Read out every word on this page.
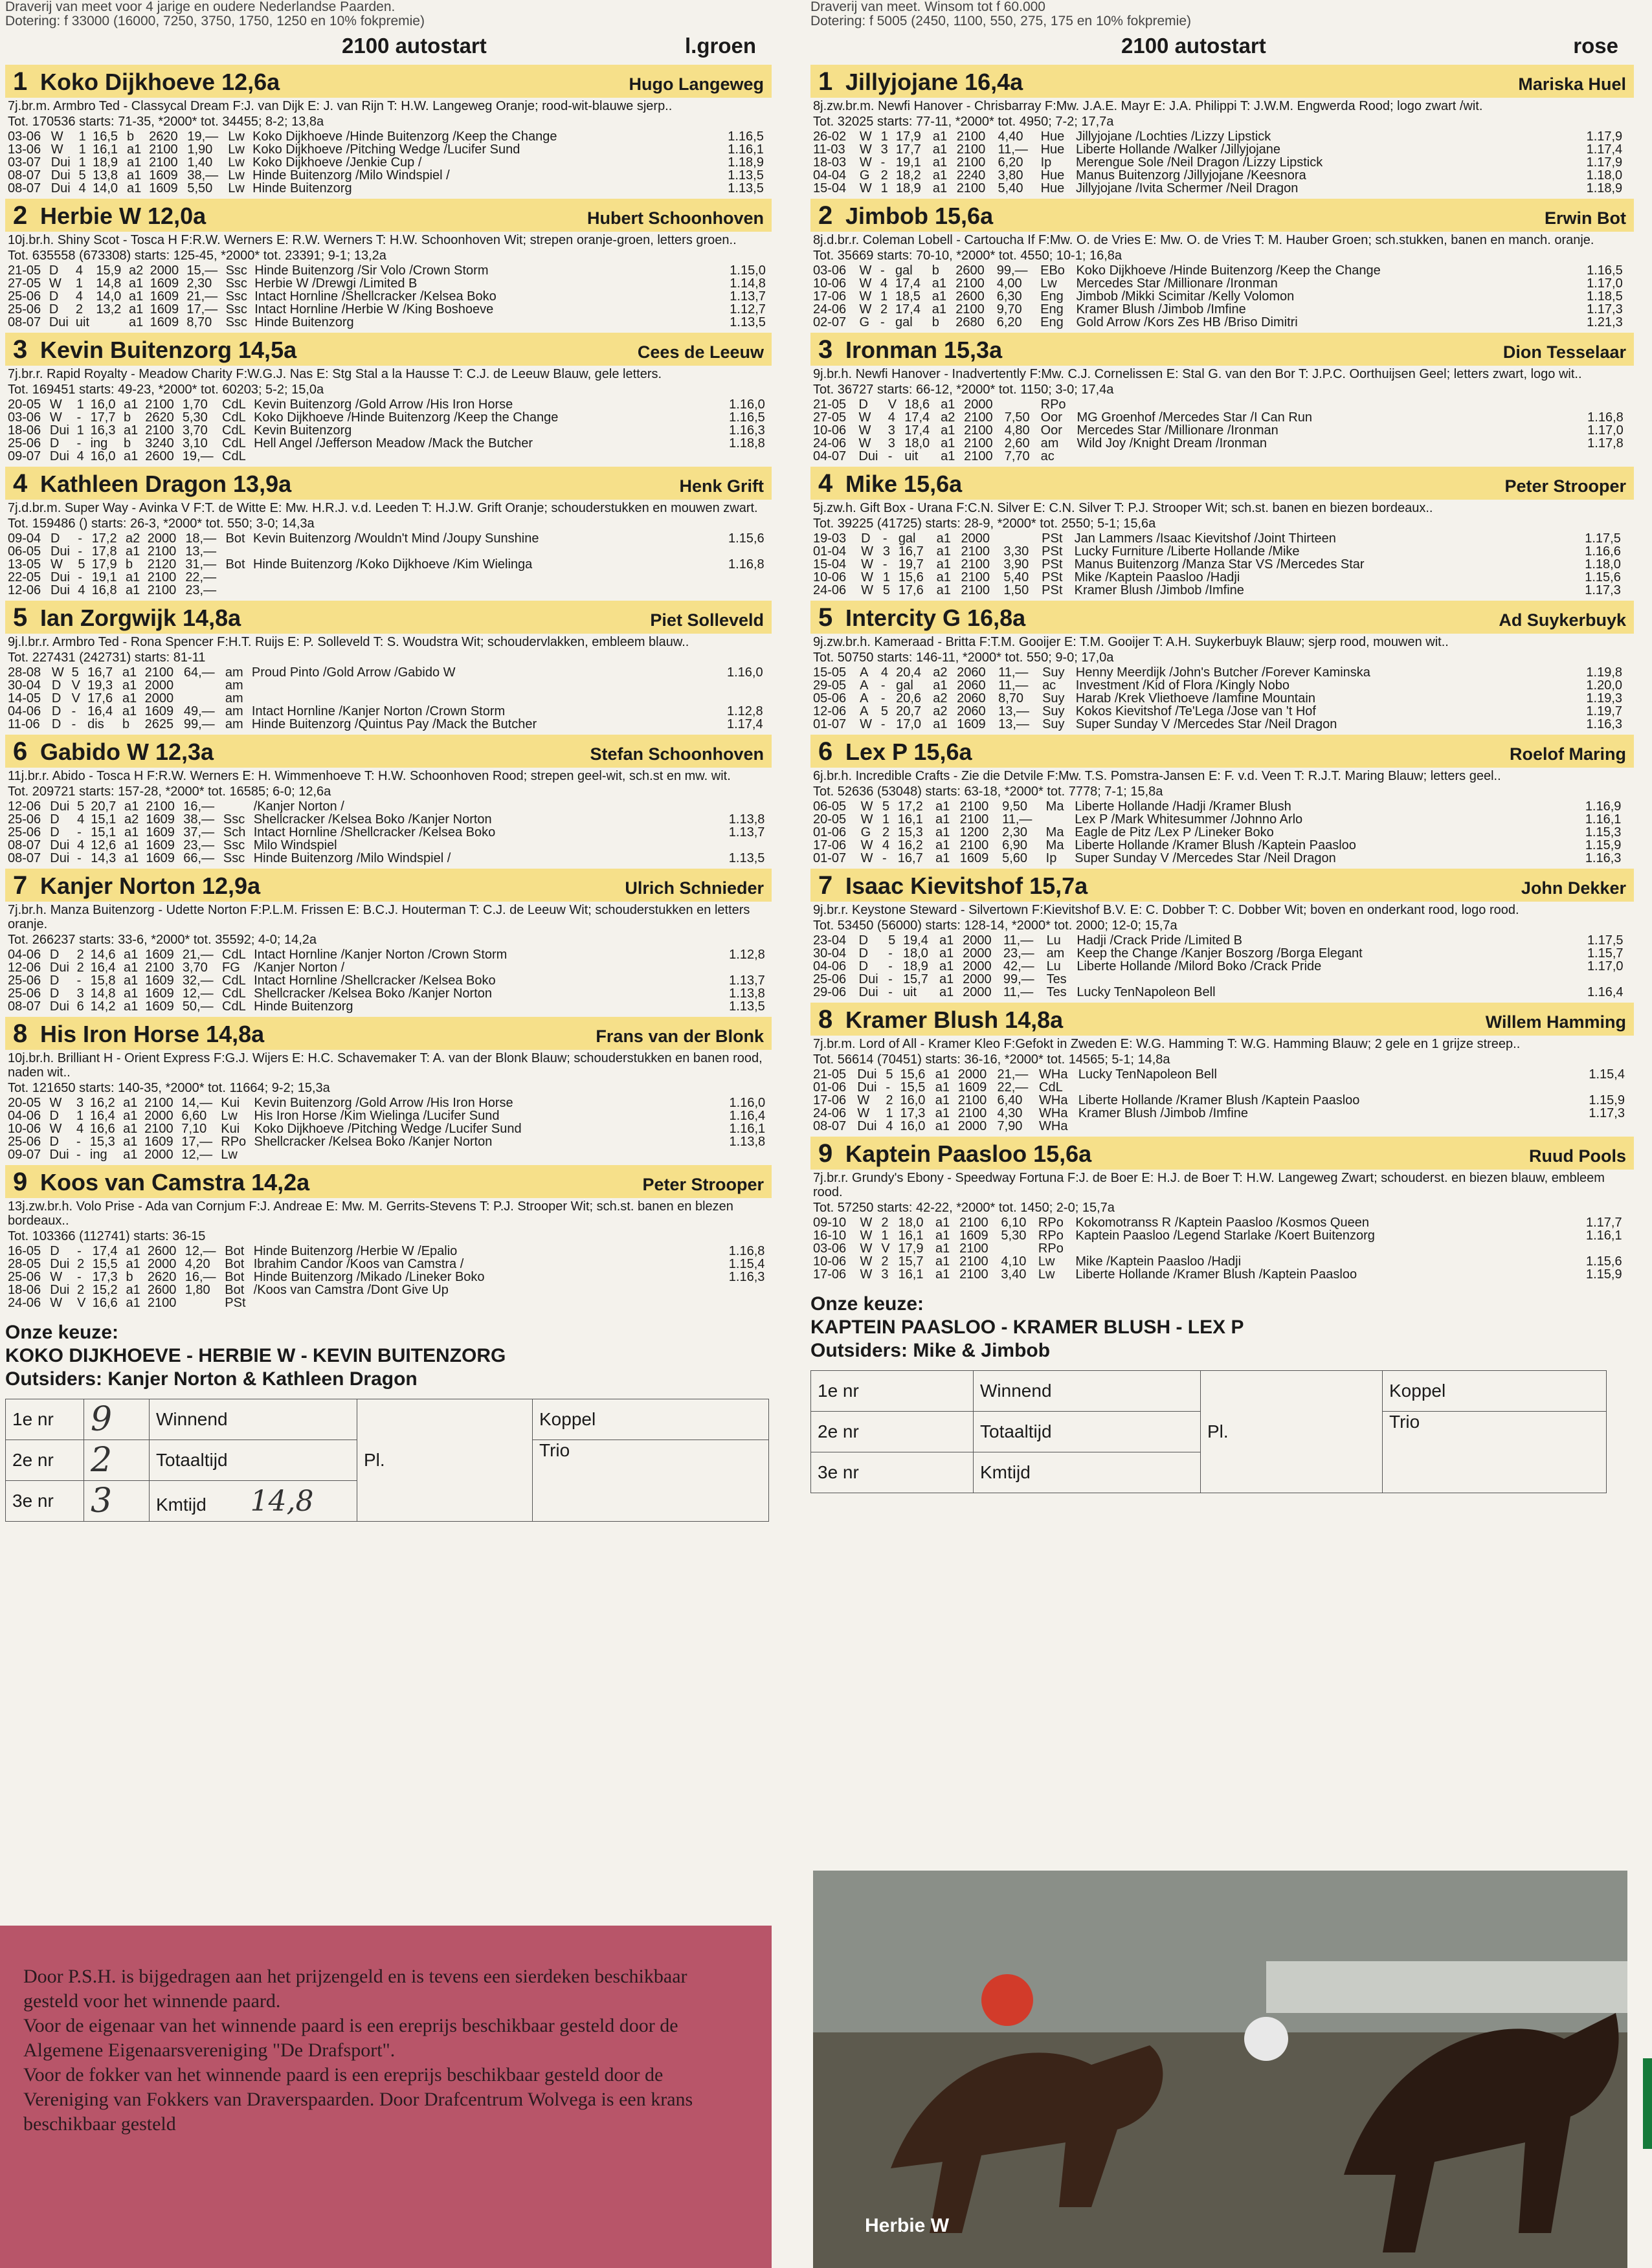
Draverij van meet voor 4 jarige en oudere Nederlandse Paarden.
Dotering: f 33000 (16000, 7250, 3750, 1750, 1250 en 10% fokpremie)
2100 autostart	l.groen
1 Koko Dijkhoeve 12,6a	Hugo Langeweg
7j.br.m. Armbro Ted - Classycal Dream F:J. van Dijk E: J. van Rijn T: H.W. Langeweg Oranje; rood-wit-blauwe sjerp..
Tot. 170536 starts: 71-35, *2000* tot. 34455; 8-2; 13,8a
03-06	W	1	16,5	b	2620	19,—	Lw	Koko Dijkhoeve /Hinde Buitenzorg /Keep the Change	1.16,5
13-06	W	1	16,1	a1	2100	1,90	Lw	Koko Dijkhoeve /Pitching Wedge /Lucifer Sund	1.16,1
03-07	Dui	1	18,9	a1	2100	1,40	Lw	Koko Dijkhoeve /Jenkie Cup /	1.18,9
08-07	Dui	5	13,8	a1	1609	38,—	Lw	Hinde Buitenzorg /Milo Windspiel /	1.13,5
08-07	Dui	4	14,0	a1	1609	5,50	Lw	Hinde Buitenzorg	1.13,5
2 Herbie W 12,0a	Hubert Schoonhoven
10j.br.h. Shiny Scot - Tosca H F:R.W. Werners E: R.W. Werners T: H.W. Schoonhoven Wit; strepen oranje-groen, letters groen..
Tot. 635558 (673308) starts: 125-45, *2000* tot. 23391; 9-1; 13,2a
21-05	D	4	15,9	a2	2000	15,—	Ssc	Hinde Buitenzorg /Sir Volo /Crown Storm	1.15,0
27-05	W	1	14,8	a1	1609	2,30	Ssc	Herbie W /Drewgi /Limited B	1.14,8
25-06	D	4	14,0	a1	1609	21,—	Ssc	Intact Hornline /Shellcracker /Kelsea Boko	1.13,7
25-06	D	2	13,2	a1	1609	17,—	Ssc	Intact Hornline /Herbie W /King Boshoeve	1.12,7
08-07	Dui	uit		a1	1609	8,70	Ssc	Hinde Buitenzorg	1.13,5
3 Kevin Buitenzorg 14,5a	Cees de Leeuw
7j.br.r. Rapid Royalty - Meadow Charity F:W.G.J. Nas E: Stg Stal a la Hausse T: C.J. de Leeuw Blauw, gele letters.
Tot. 169451 starts: 49-23, *2000* tot. 60203; 5-2; 15,0a
20-05	W	1	16,0	a1	2100	1,70	CdL	Kevin Buitenzorg /Gold Arrow /His Iron Horse	1.16,0
03-06	W	-	17,7	b	2620	5,30	CdL	Koko Dijkhoeve /Hinde Buitenzorg /Keep the Change	1.16,5
18-06	Dui	1	16,3	a1	2100	3,70	CdL	Kevin Buitenzorg	1.16,3
25-06	D	-	ing	b	3240	3,10	CdL	Hell Angel /Jefferson Meadow /Mack the Butcher	1.18,8
09-07	Dui	4	16,0	a1	2600	19,—	CdL		
4 Kathleen Dragon 13,9a	Henk Grift
7j.d.br.m. Super Way - Avinka V F:T. de Witte E: Mw. H.R.J. v.d. Leeden T: H.J.W. Grift Oranje; schouderstukken en mouwen zwart.
Tot. 159486 () starts: 26-3, *2000* tot. 550; 3-0; 14,3a
09-04	D	-	17,2	a2	2000	18,—	Bot	Kevin Buitenzorg /Wouldn't Mind /Joupy Sunshine	1.15,6
06-05	Dui	-	17,8	a1	2100	13,—			
13-05	W	5	17,9	b	2120	31,—	Bot	Hinde Buitenzorg /Koko Dijkhoeve /Kim Wielinga	1.16,8
22-05	Dui	-	19,1	a1	2100	22,—			
12-06	Dui	4	16,8	a1	2100	23,—			
5 Ian Zorgwijk 14,8a	Piet Solleveld
9j.l.br.r. Armbro Ted - Rona Spencer F:H.T. Ruijs E: P. Solleveld T: S. Woudstra Wit; schoudervlakken, embleem blauw..
Tot. 227431 (242731) starts: 81-11
28-08	W	5	16,7	a1	2100	64,—	am	Proud Pinto /Gold Arrow /Gabido W	1.16,0
30-04	D	V	19,3	a1	2000		am		
14-05	D	V	17,6	a1	2000		am		
04-06	D	-	16,4	a1	1609	49,—	am	Intact Hornline /Kanjer Norton /Crown Storm	1.12,8
11-06	D	-	dis	b	2625	99,—	am	Hinde Buitenzorg /Quintus Pay /Mack the Butcher	1.17,4
6 Gabido W 12,3a	Stefan Schoonhoven
11j.br.r. Abido - Tosca H F:R.W. Werners E: H. Wimmenhoeve T: H.W. Schoonhoven Rood; strepen geel-wit, sch.st en mw. wit.
Tot. 209721 starts: 157-28, *2000* tot. 16585; 6-0; 12,6a
12-06	Dui	5	20,7	a1	2100	16,—		/Kanjer Norton /	
25-06	D	4	15,1	a2	1609	38,—	Ssc	Shellcracker /Kelsea Boko /Kanjer Norton	1.13,8
25-06	D	-	15,1	a1	1609	37,—	Sch	Intact Hornline /Shellcracker /Kelsea Boko	1.13,7
08-07	Dui	4	12,6	a1	1609	23,—	Ssc	Milo Windspiel	
08-07	Dui	-	14,3	a1	1609	66,—	Ssc	Hinde Buitenzorg /Milo Windspiel /	1.13,5
7 Kanjer Norton 12,9a	Ulrich Schnieder
7j.br.h. Manza Buitenzorg - Udette Norton F:P.L.M. Frissen E: B.C.J. Houterman T: C.J. de Leeuw Wit; schouderstukken en letters oranje.
Tot. 266237 starts: 33-6, *2000* tot. 35592; 4-0; 14,2a
04-06	D	2	14,6	a1	1609	21,—	CdL	Intact Hornline /Kanjer Norton /Crown Storm	1.12,8
12-06	Dui	2	16,4	a1	2100	3,70	FG	/Kanjer Norton /	
25-06	D	-	15,8	a1	1609	32,—	CdL	Intact Hornline /Shellcracker /Kelsea Boko	1.13,7
25-06	D	3	14,8	a1	1609	12,—	CdL	Shellcracker /Kelsea Boko /Kanjer Norton	1.13,8
08-07	Dui	6	14,2	a1	1609	50,—	CdL	Hinde Buitenzorg	1.13,5
8 His Iron Horse 14,8a	Frans van der Blonk
10j.br.h. Brilliant H - Orient Express F:G.J. Wijers E: H.C. Schavemaker T: A. van der Blonk Blauw; schouderstukken en banen rood, naden wit..
Tot. 121650 starts: 140-35, *2000* tot. 11664; 9-2; 15,3a
20-05	W	3	16,2	a1	2100	14,—	Kui	Kevin Buitenzorg /Gold Arrow /His Iron Horse	1.16,0
04-06	D	1	16,4	a1	2000	6,60	Lw	His Iron Horse /Kim Wielinga /Lucifer Sund	1.16,4
10-06	W	4	16,6	a1	2100	7,10	Kui	Koko Dijkhoeve /Pitching Wedge /Lucifer Sund	1.16,1
25-06	D	-	15,3	a1	1609	17,—	RPo	Shellcracker /Kelsea Boko /Kanjer Norton	1.13,8
09-07	Dui	-	ing	a1	2000	12,—	Lw		
9 Koos van Camstra 14,2a	Peter Strooper
13j.zw.br.h. Volo Prise - Ada van Cornjum F:J. Andreae E: Mw. M. Gerrits-Stevens T: P.J. Strooper Wit; sch.st. banen en blezen bordeaux..
Tot. 103366 (112741) starts: 36-15
16-05	D	-	17,4	a1	2600	12,—	Bot	Hinde Buitenzorg /Herbie W /Epalio	1.16,8
28-05	Dui	2	15,5	a1	2000	4,20	Bot	Ibrahim Candor /Koos van Camstra /	1.15,4
25-06	W	-	17,3	b	2620	16,—	Bot	Hinde Buitenzorg /Mikado /Lineker Boko	1.16,3
18-06	Dui	2	15,2	a1	2600	1,80	Bot	/Koos van Camstra /Dont Give Up	
24-06	W	V	16,6	a1	2100		PSt		
Onze keuze:
KOKO DIJKHOEVE - HERBIE W - KEVIN BUITENZORG
Outsiders: Kanjer Norton & Kathleen Dragon
1e nr	9	Winnend	Pl.	Koppel
2e nr	2	Totaaltijd		Trio
3e nr	3	Kmtijd 14,8		
Door P.S.H. is bijgedragen aan het prijzengeld en is tevens een sierdeken beschikbaar gesteld voor het winnende paard.
Voor de eigenaar van het winnende paard is een ereprijs beschikbaar gesteld door de Algemene Eigenaarsvereniging "De Drafsport".
Voor de fokker van het winnende paard is een ereprijs beschikbaar gesteld door de Vereniging van Fokkers van Draverspaarden. Door Drafcentrum Wolvega is een krans beschikbaar gesteld
Draverij van meet. Winsom tot f 60.000
Dotering: f 5005 (2450, 1100, 550, 275, 175 en 10% fokpremie)
2100 autostart	rose
1 Jillyjojane 16,4a	Mariska Huel
8j.zw.br.m. Newfi Hanover - Chrisbarray F:Mw. J.A.E. Mayr E: J.A. Philippi T: J.W.M. Engwerda Rood; logo zwart /wit.
Tot. 32025 starts: 77-11, *2000* tot. 4950; 7-2; 17,7a
26-02	W	1	17,9	a1	2100	4,40	Hue	Jillyjojane /Lochties /Lizzy Lipstick	1.17,9
11-03	W	3	17,7	a1	2100	11,—	Hue	Liberte Hollande /Walker /Jillyjojane	1.17,4
18-03	W	-	19,1	a1	2100	6,20	Ip	Merengue Sole /Neil Dragon /Lizzy Lipstick	1.17,9
04-04	G	2	18,2	a1	2240	3,80	Hue	Manus Buitenzorg /Jillyjojane /Keesnora	1.18,0
15-04	W	1	18,9	a1	2100	5,40	Hue	Jillyjojane /Ivita Schermer /Neil Dragon	1.18,9
2 Jimbob 15,6a	Erwin Bot
8j.d.br.r. Coleman Lobell - Cartoucha If F:Mw. O. de Vries E: Mw. O. de Vries T: M. Hauber Groen; sch.stukken, banen en manch. oranje.
Tot. 35669 starts: 70-10, *2000* tot. 4550; 10-1; 16,8a
03-06	W	-	gal	b	2600	99,—	EBo	Koko Dijkhoeve /Hinde Buitenzorg /Keep the Change	1.16,5
10-06	W	4	17,4	a1	2100	4,00	Lw	Mercedes Star /Millionare /Ironman	1.17,0
17-06	W	1	18,5	a1	2600	6,30	Eng	Jimbob /Mikki Scimitar /Kelly Volomon	1.18,5
24-06	W	2	17,4	a1	2100	9,70	Eng	Kramer Blush /Jimbob /Imfine	1.17,3
02-07	G	-	gal	b	2680	6,20	Eng	Gold Arrow /Kors Zes HB /Briso Dimitri	1.21,3
3 Ironman 15,3a	Dion Tesselaar
9j.br.h. Newfi Hanover - Inadvertently F:Mw. C.J. Cornelissen E: Stal G. van den Bor T: J.P.C. Oorthuijsen Geel; letters zwart, logo wit..
Tot. 36727 starts: 66-12, *2000* tot. 1150; 3-0; 17,4a
21-05	D	V	18,6	a1	2000		RPo		
27-05	W	4	17,4	a2	2100	7,50	Oor	MG Groenhof /Mercedes Star /I Can Run	1.16,8
10-06	W	3	17,4	a1	2100	4,80	Oor	Mercedes Star /Millionare /Ironman	1.17,0
24-06	W	3	18,0	a1	2100	2,60	am	Wild Joy /Knight Dream /Ironman	1.17,8
04-07	Dui	-	uit	a1	2100	7,70	ac		
4 Mike 15,6a	Peter Strooper
5j.zw.h. Gift Box - Urana F:C.N. Silver E: C.N. Silver T: P.J. Strooper Wit; sch.st. banen en biezen bordeaux..
Tot. 39225 (41725) starts: 28-9, *2000* tot. 2550; 5-1; 15,6a
19-03	D	-	gal	a1	2000		PSt	Jan Lammers /Isaac Kievitshof /Joint Thirteen	1.17,5
01-04	W	3	16,7	a1	2100	3,30	PSt	Lucky Furniture /Liberte Hollande /Mike	1.16,6
15-04	W	-	19,7	a1	2100	3,90	PSt	Manus Buitenzorg /Manza Star VS /Mercedes Star	1.18,0
10-06	W	1	15,6	a1	2100	5,40	PSt	Mike /Kaptein Paasloo /Hadji	1.15,6
24-06	W	5	17,6	a1	2100	1,50	PSt	Kramer Blush /Jimbob /Imfine	1.17,3
5 Intercity G 16,8a	Ad Suykerbuyk
9j.zw.br.h. Kameraad - Britta F:T.M. Gooijer E: T.M. Gooijer T: A.H. Suykerbuyk Blauw; sjerp rood, mouwen wit..
Tot. 50750 starts: 146-11, *2000* tot. 550; 9-0; 17,0a
15-05	A	4	20,4	a2	2060	11,—	Suy	Henny Meerdijk /John's Butcher /Forever Kaminska	1.19,8
29-05	A	-	gal	a1	2060	11,—	ac	Investment /Kid of Flora /Kingly Nobo	1.20,0
05-06	A	-	20,6	a2	2060	8,70	Suy	Harab /Krek Vliethoeve /Iamfine Mountain	1.19,3
12-06	A	5	20,7	a2	2060	13,—	Suy	Kokos Kievitshof /Te'Lega /Jose van 't Hof	1.19,7
01-07	W	-	17,0	a1	1609	13,—	Suy	Super Sunday V /Mercedes Star /Neil Dragon	1.16,3
6 Lex P 15,6a	Roelof Maring
6j.br.h. Incredible Crafts - Zie die Detvile F:Mw. T.S. Pomstra-Jansen E: F. v.d. Veen T: R.J.T. Maring Blauw; letters geel..
Tot. 52636 (53048) starts: 63-18, *2000* tot. 7778; 7-1; 15,8a
06-05	W	5	17,2	a1	2100	9,50	Ma	Liberte Hollande /Hadji /Kramer Blush	1.16,9
20-05	W	1	16,1	a1	2100	11,—		Lex P /Mark Whitesummer /Johnno Arlo	1.16,1
01-06	G	2	15,3	a1	1200	2,30	Ma	Eagle de Pitz /Lex P /Lineker Boko	1.15,3
17-06	W	4	16,2	a1	2100	6,90	Ma	Liberte Hollande /Kramer Blush /Kaptein Paasloo	1.15,9
01-07	W	-	16,7	a1	1609	5,60	Ip	Super Sunday V /Mercedes Star /Neil Dragon	1.16,3
7 Isaac Kievitshof 15,7a	John Dekker
9j.br.r. Keystone Steward - Silvertown F:Kievitshof B.V. E: C. Dobber T: C. Dobber Wit; boven en onderkant rood, logo rood.
Tot. 53450 (56000) starts: 128-14, *2000* tot. 2000; 12-0; 15,7a
23-04	D	5	19,4	a1	2000	11,—	Lu	Hadji /Crack Pride /Limited B	1.17,5
30-04	D	-	18,0	a1	2000	23,—	am	Keep the Change /Kanjer Boszorg /Borga Elegant	1.15,7
04-06	D	-	18,9	a1	2000	42,—	Lu	Liberte Hollande /Milord Boko /Crack Pride	1.17,0
25-06	Dui	-	15,7	a1	2000	99,—	Tes		
29-06	Dui	-	uit	a1	2000	11,—	Tes	Lucky TenNapoleon Bell	1.16,4
8 Kramer Blush 14,8a	Willem Hamming
7j.br.m. Lord of All - Kramer Kleo F:Gefokt in Zweden E: W.G. Hamming T: W.G. Hamming Blauw; 2 gele en 1 grijze streep..
Tot. 56614 (70451) starts: 36-16, *2000* tot. 14565; 5-1; 14,8a
21-05	Dui	5	15,6	a1	2000	21,—	WHa	Lucky TenNapoleon Bell	1.15,4
01-06	Dui	-	15,5	a1	1609	22,—	CdL		
17-06	W	2	16,0	a1	2100	6,40	WHa	Liberte Hollande /Kramer Blush /Kaptein Paasloo	1.15,9
24-06	W	1	17,3	a1	2100	4,30	WHa	Kramer Blush /Jimbob /Imfine	1.17,3
08-07	Dui	4	16,0	a1	2000	7,90	WHa		
9 Kaptein Paasloo 15,6a	Ruud Pools
7j.br.r. Grundy's Ebony - Speedway Fortuna F:J. de Boer E: H.J. de Boer T: H.W. Langeweg Zwart; schouderst. en biezen blauw, embleem rood.
Tot. 57250 starts: 42-22, *2000* tot. 1450; 2-0; 15,7a
09-10	W	2	18,0	a1	2100	6,10	RPo	Kokomotranss R /Kaptein Paasloo /Kosmos Queen	1.17,7
16-10	W	1	16,1	a1	1609	5,30	RPo	Kaptein Paasloo /Legend Starlake /Koert Buitenzorg	1.16,1
03-06	W	V	17,9	a1	2100		RPo		
10-06	W	2	15,7	a1	2100	4,10	Lw	Mike /Kaptein Paasloo /Hadji	1.15,6
17-06	W	3	16,1	a1	2100	3,40	Lw	Liberte Hollande /Kramer Blush /Kaptein Paasloo	1.15,9
Onze keuze:
KAPTEIN PAASLOO - KRAMER BLUSH - LEX P
Outsiders: Mike & Jimbob
1e nr	Winnend	Pl.	Koppel
2e nr	Totaaltijd		Trio
3e nr	Kmtijd		
Herbie W
